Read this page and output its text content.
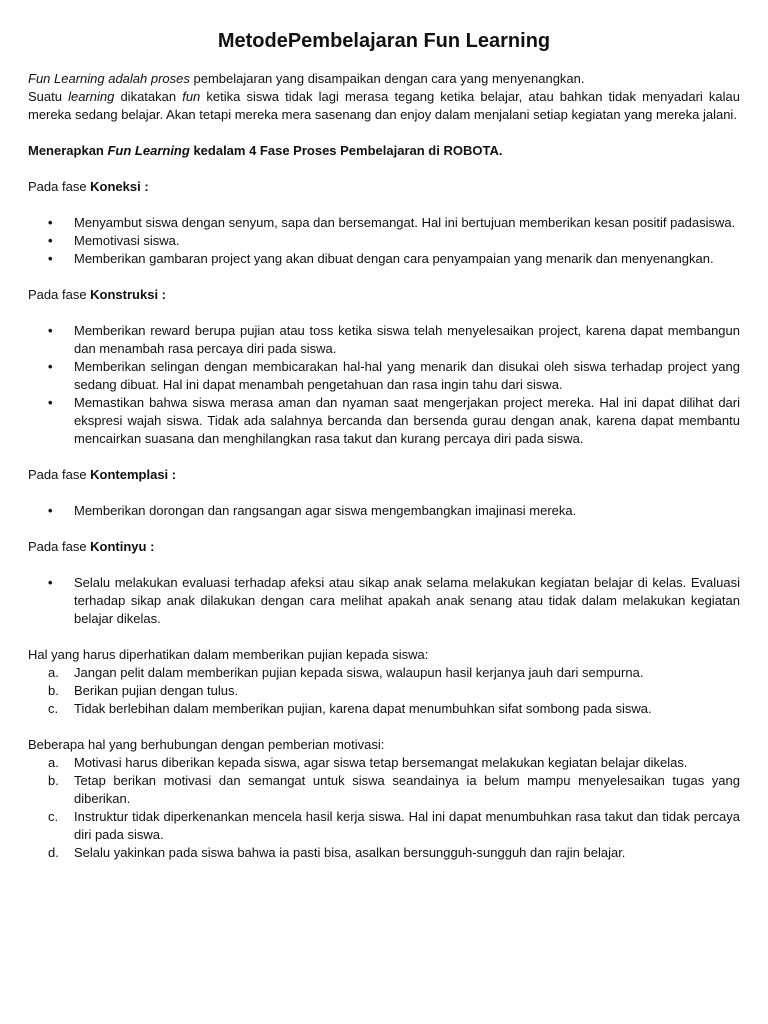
MetodePembelajaran Fun Learning

Fun Learning adalah proses pembelajaran yang disampaikan dengan cara yang menyenangkan.

Suatu learning dikatakan fun ketika siswa tidak lagi merasa tegang ketika belajar, atau bahkan tidak menyadari kalau mereka sedang belajar. Akan tetapi mereka mera sasenang dan enjoy dalam menjalani setiap kegiatan yang mereka jalani.

Menerapkan Fun Learning kedalam 4 Fase Proses Pembelajaran di ROBOTA.

Pada fase Koneksi :

• Menyambut siswa dengan senyum, sapa dan bersemangat. Hal ini bertujuan memberikan kesan positif padasiswa.
• Memotivasi siswa.
• Memberikan gambaran project yang akan dibuat dengan cara penyampaian yang menarik dan menyenangkan.

Pada fase Konstruksi :

• Memberikan reward berupa pujian atau toss ketika siswa telah menyelesaikan project, karena dapat membangun dan menambah rasa percaya diri pada siswa.
• Memberikan selingan dengan membicarakan hal-hal yang menarik dan disukai oleh siswa terhadap project yang sedang dibuat. Hal ini dapat menambah pengetahuan dan rasa ingin tahu dari siswa.
• Memastikan bahwa siswa merasa aman dan nyaman saat mengerjakan project mereka. Hal ini dapat dilihat dari ekspresi wajah siswa. Tidak ada salahnya bercanda dan bersenda gurau dengan anak, karena dapat membantu mencairkan suasana dan menghilangkan rasa takut dan kurang percaya diri pada siswa.

Pada fase Kontemplasi :

• Memberikan dorongan dan rangsangan agar siswa mengembangkan imajinasi mereka.

Pada fase Kontinyu :

• Selalu melakukan evaluasi terhadap afeksi atau sikap anak selama melakukan kegiatan belajar di kelas. Evaluasi terhadap sikap anak dilakukan dengan cara melihat apakah anak senang atau tidak dalam melakukan kegiatan belajar dikelas.

Hal yang harus diperhatikan dalam memberikan pujian kepada siswa:

a. Jangan pelit dalam memberikan pujian kepada siswa, walaupun hasil kerjanya jauh dari sempurna.
b. Berikan pujian dengan tulus.
c. Tidak berlebihan dalam memberikan pujian, karena dapat menumbuhkan sifat sombong pada siswa.

Beberapa hal yang berhubungan dengan pemberian motivasi:

a. Motivasi harus diberikan kepada siswa, agar siswa tetap bersemangat melakukan kegiatan belajar dikelas.
b. Tetap berikan motivasi dan semangat untuk siswa seandainya ia belum mampu menyelesaikan tugas yang diberikan.
c. Instruktur tidak diperkenankan mencela hasil kerja siswa. Hal ini dapat menumbuhkan rasa takut dan tidak percaya diri pada siswa.
d. Selalu yakinkan pada siswa bahwa ia pasti bisa, asalkan bersungguh-sungguh dan rajin belajar.
